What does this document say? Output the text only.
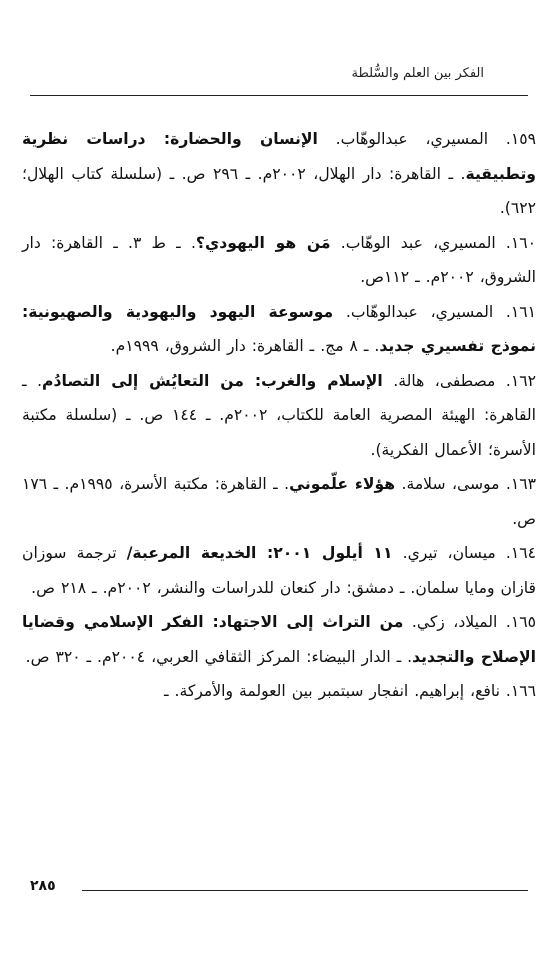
الفكر بين العلم والسُّلطة
١٥٩. المسيري، عبدالوهّاب. الإنسان والحضارة: دراسات نظرية وتطبيقية. ـ القاهرة: دار الهلال، ٢٠٠٢م. ـ ٢٩٦ ص. ـ (سلسلة كتاب الهلال؛ ٦٢٢).
١٦٠. المسيري، عبد الوهّاب. مَن هو اليهودي؟. ـ ط ٣. ـ القاهرة: دار الشروق، ٢٠٠٢م. ـ ١١٢ص.
١٦١. المسيري، عبدالوهّاب. موسوعة اليهود واليهودية والصهيونية: نموذج تفسيري جديد. ـ ٨ مج. ـ القاهرة: دار الشروق، ١٩٩٩م.
١٦٢. مصطفى، هالة. الإسلام والغرب: من التعايُش إلى التصادُم. ـ القاهرة: الهيئة المصرية العامة للكتاب، ٢٠٠٢م. ـ ١٤٤ ص. ـ (سلسلة مكتبة الأسرة؛ الأعمال الفكرية).
١٦٣. موسى، سلامة. هؤلاء علّموني. ـ القاهرة: مكتبة الأسرة، ١٩٩٥م. ـ ١٧٦ ص.
١٦٤. ميسان، تيري. ١١ أيلول ٢٠٠١: الخديعة المرعبة/ ترجمة سوزان قازان ومايا سلمان. ـ دمشق: دار كنعان للدراسات والنشر، ٢٠٠٢م. ـ ٢١٨ ص.
١٦٥. الميلاد، زكي. من التراث إلى الاجتهاد: الفكر الإسلامي وقضايا الإصلاح والتجديد. ـ الدار البيضاء: المركز الثقافي العربي، ٢٠٠٤م. ـ ٣٢٠ ص.
١٦٦. نافع، إبراهيم. انفجار سبتمبر بين العولمة والأمركة. ـ
٢٨٥
